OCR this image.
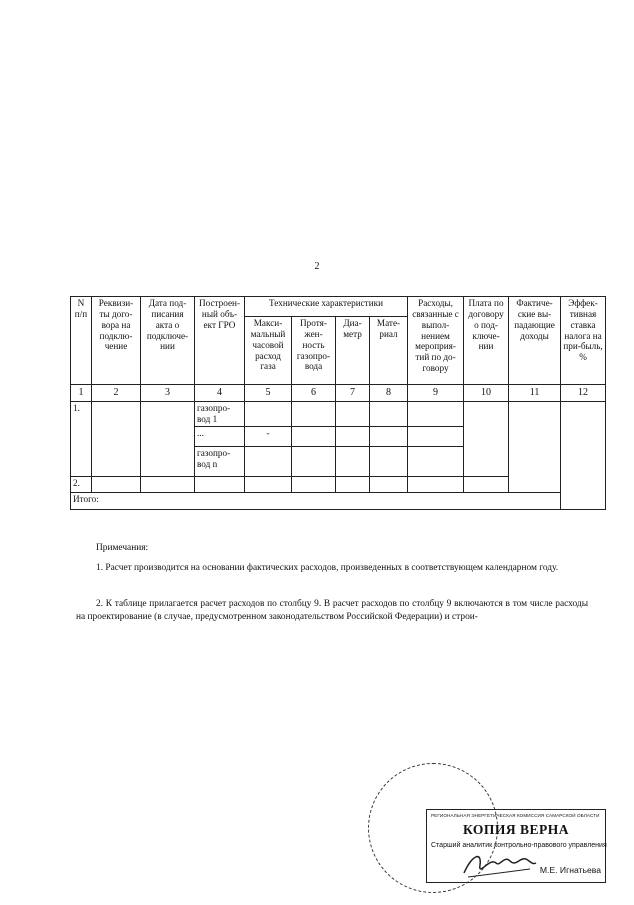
2
N п/п	Реквизи-ты дого-вора на подклю-чение	Дата под-писания акта о подключе-нии	Построен-ный объ-ект ГРО	Технические характеристики				Расходы, связанные с выпол-нением мероприя-тий по до-говору	Плата по договору о под-ключе-нии	Фактиче-ские вы-падающие доходы	Эффек-тивная ставка налога на при-быль, %	
				Макси-мальный часовой расход газа	Протя-жен-ность газопро-вода	Диа-метр	Мате-риал					
1	2	3	4	5	6	7	8	9	10	11	12	
1.			газопро-вод 1									
			...	-								
			газопро-вод n									
2.												
Итого:												

Примечания:

1. Расчет производится на основании фактических расходов, произведенных в соответствующем календарном году.

2. К таблице прилагается расчет расходов по столбцу 9. В расчет расходов по столбцу 9 включаются в том числе расходы на проектирование (в случае, предусмотренном законодательством Российской Федерации) и строи-

РЕГИОНАЛЬНАЯ ЭНЕРГЕТИЧЕСКАЯ КОМИССИЯ САМАРСКОЙ ОБЛАСТИ
КОПИЯ ВЕРНА
Старший аналитик контрольно-правового управления
М.Е. Игнатьева
